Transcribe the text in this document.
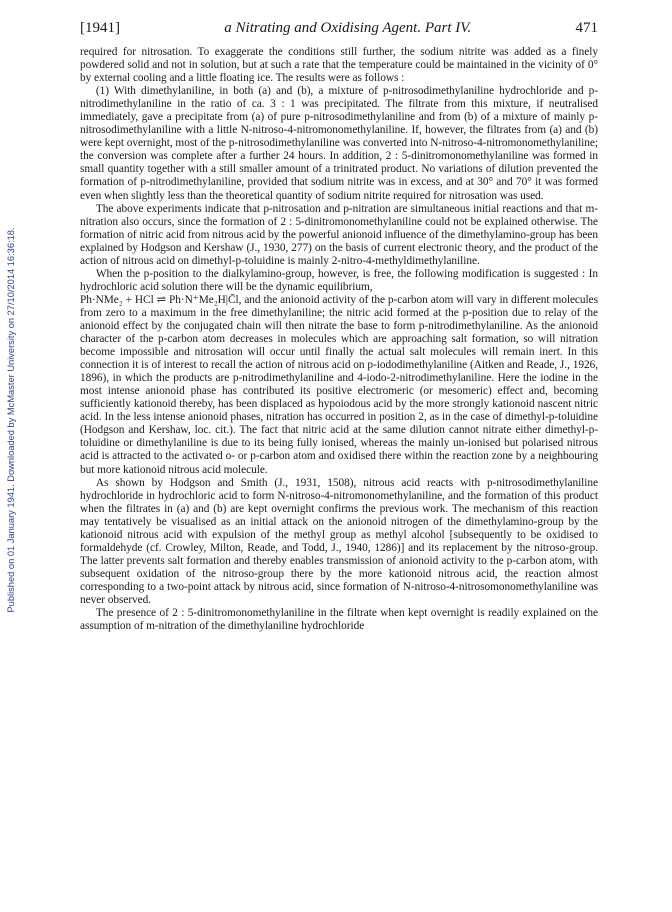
Published on 01 January 1941. Downloaded by McMaster University on 27/10/2014 16:36:18.
[1941]	a Nitrating and Oxidising Agent. Part IV.	471

required for nitrosation. To exaggerate the conditions still further, the sodium nitrite was added as a finely powdered solid and not in solution, but at such a rate that the temperature could be maintained in the vicinity of 0° by external cooling and a little floating ice. The results were as follows :

(1) With dimethylaniline, in both (a) and (b), a mixture of p-nitrosodimethylaniline hydrochloride and p-nitrodimethylaniline in the ratio of ca. 3 : 1 was precipitated. The filtrate from this mixture, if neutralised immediately, gave a precipitate from (a) of pure p-nitrosodimethylaniline and from (b) of a mixture of mainly p-nitrosodimethylaniline with a little N-nitroso-4-nitromonomethylaniline. If, however, the filtrates from (a) and (b) were kept overnight, most of the p-nitrosodimethylaniline was converted into N-nitroso-4-nitromonomethylaniline; the conversion was complete after a further 24 hours. In addition, 2 : 5-dinitromonomethylaniline was formed in small quantity together with a still smaller amount of a trinitrated product. No variations of dilution prevented the formation of p-nitrodimethylaniline, provided that sodium nitrite was in excess, and at 30° and 70° it was formed even when slightly less than the theoretical quantity of sodium nitrite required for nitrosation was used.

The above experiments indicate that p-nitrosation and p-nitration are simultaneous initial reactions and that m-nitration also occurs, since the formation of 2 : 5-dinitromonomethylaniline could not be explained otherwise. The formation of nitric acid from nitrous acid by the powerful anionoid influence of the dimethylamino-group has been explained by Hodgson and Kershaw (J., 1930, 277) on the basis of current electronic theory, and the product of the action of nitrous acid on dimethyl-p-toluidine is mainly 2-nitro-4-methyldimethylaniline.

When the p-position to the dialkylamino-group, however, is free, the following modification is suggested : In hydrochloric acid solution there will be the dynamic equilibrium,

Ph·NMe₂ + HCl ⇌ Ph·N⁺Me₂H|C̄l, and the anionoid activity of the p-carbon atom will vary in different molecules from zero to a maximum in the free dimethylaniline; the nitric acid formed at the p-position due to relay of the anionoid effect by the conjugated chain will then nitrate the base to form p-nitrodimethylaniline. As the anionoid character of the p-carbon atom decreases in molecules which are approaching salt formation, so will nitration become impossible and nitrosation will occur until finally the actual salt molecules will remain inert. In this connection it is of interest to recall the action of nitrous acid on p-iododimethylaniline (Aitken and Reade, J., 1926, 1896), in which the products are p-nitrodimethylaniline and 4-iodo-2-nitrodimethylaniline. Here the iodine in the most intense anionoid phase has contributed its positive electromeric (or mesomeric) effect and, becoming sufficiently kationoid thereby, has been displaced as hypoiodous acid by the more strongly kationoid nascent nitric acid. In the less intense anionoid phases, nitration has occurred in position 2, as in the case of dimethyl-p-toluidine (Hodgson and Kershaw, loc. cit.). The fact that nitric acid at the same dilution cannot nitrate either dimethyl-p-toluidine or dimethylaniline is due to its being fully ionised, whereas the mainly un-ionised but polarised nitrous acid is attracted to the activated o- or p-carbon atom and oxidised there within the reaction zone by a neighbouring but more kationoid nitrous acid molecule.

As shown by Hodgson and Smith (J., 1931, 1508), nitrous acid reacts with p-nitrosodimethylaniline hydrochloride in hydrochloric acid to form N-nitroso-4-nitromonomethylaniline, and the formation of this product when the filtrates in (a) and (b) are kept overnight confirms the previous work. The mechanism of this reaction may tentatively be visualised as an initial attack on the anionoid nitrogen of the dimethylamino-group by the kationoid nitrous acid with expulsion of the methyl group as methyl alcohol [subsequently to be oxidised to formaldehyde (cf. Crowley, Milton, Reade, and Todd, J., 1940, 1286)] and its replacement by the nitroso-group. The latter prevents salt formation and thereby enables transmission of anionoid activity to the p-carbon atom, with subsequent oxidation of the nitroso-group there by the more kationoid nitrous acid, the reaction almost corresponding to a two-point attack by nitrous acid, since formation of N-nitroso-4-nitrosomonomethylaniline was never observed.

The presence of 2 : 5-dinitromonomethylaniline in the filtrate when kept overnight is readily explained on the assumption of m-nitration of the dimethylaniline hydrochloride
